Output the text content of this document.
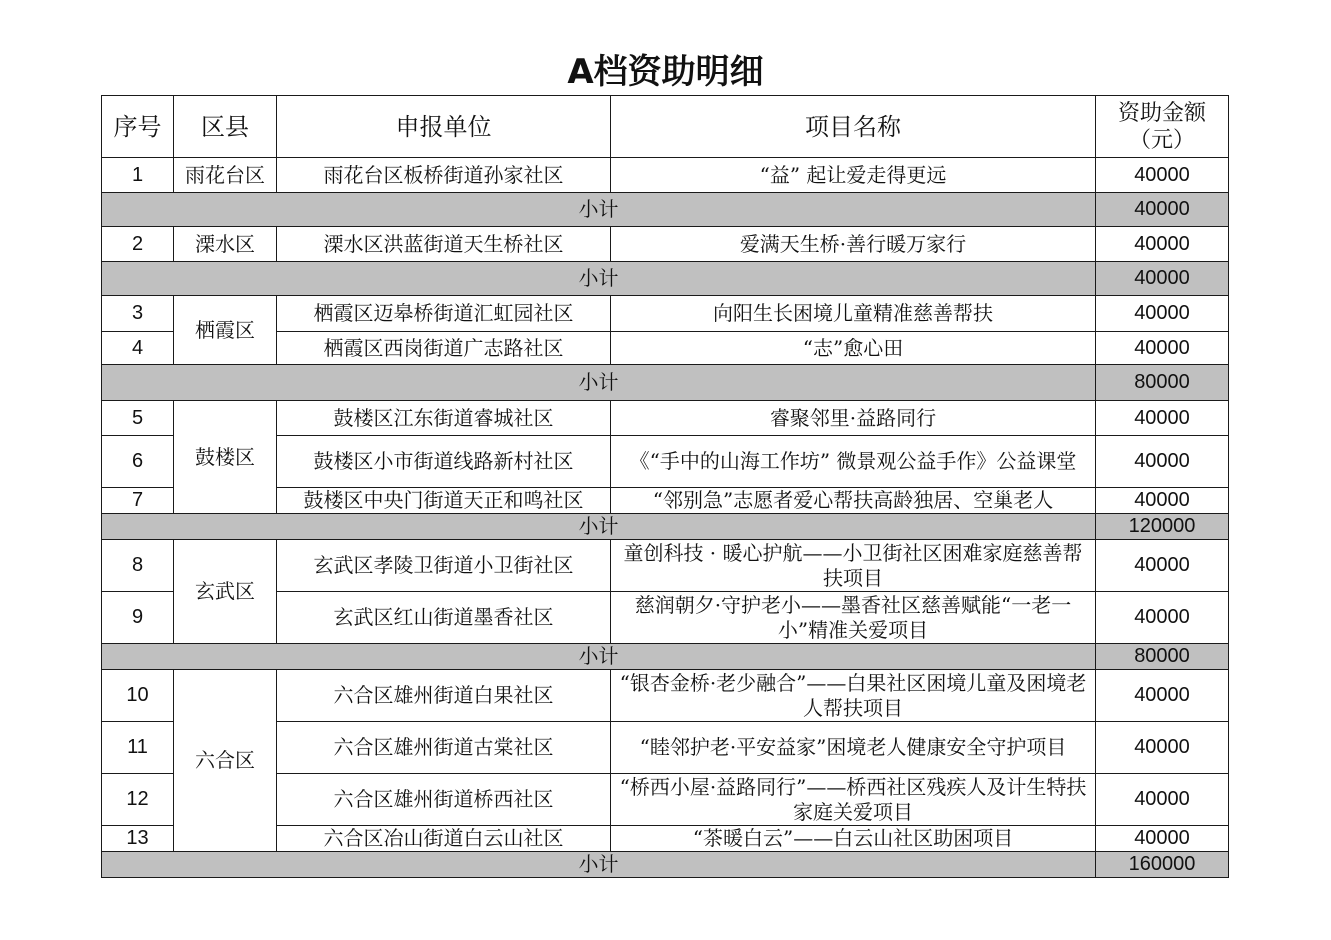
A档资助明细
序号	区县	申报单位	项目名称	资助金额
（元）
1	雨花台区	雨花台区板桥街道孙家社区	“益” 起让爱走得更远	40000
小计				40000
2	溧水区	溧水区洪蓝街道天生桥社区	爱满天生桥·善行暖万家行	40000
小计				40000
3	栖霞区	栖霞区迈皋桥街道汇虹园社区	向阳生长困境儿童精准慈善帮扶	40000
4		栖霞区西岗街道广志路社区	“志”愈心田	40000
小计				80000
5	鼓楼区	鼓楼区江东街道睿城社区	睿聚邻里·益路同行	40000
6		鼓楼区小市街道线路新村社区	《“手中的山海工作坊” 微景观公益手作》公益课堂	40000
7		鼓楼区中央门街道天正和鸣社区	“邻别急”志愿者爱心帮扶高龄独居、空巢老人	40000
小计				120000
8	玄武区	玄武区孝陵卫街道小卫街社区	童创科技 · 暖心护航——小卫街社区困难家庭慈善帮扶项目	40000
9		玄武区红山街道墨香社区	慈润朝夕·守护老小——墨香社区慈善赋能“一老一小”精准关爱项目	40000
小计				80000
10	六合区	六合区雄州街道白果社区	“银杏金桥·老少融合”——白果社区困境儿童及困境老人帮扶项目	40000
11		六合区雄州街道古棠社区	“睦邻护老·平安益家”困境老人健康安全守护项目	40000
12		六合区雄州街道桥西社区	“桥西小屋·益路同行”——桥西社区残疾人及计生特扶家庭关爱项目	40000
13		六合区冶山街道白云山社区	“茶暖白云”——白云山社区助困项目	40000
小计				160000
